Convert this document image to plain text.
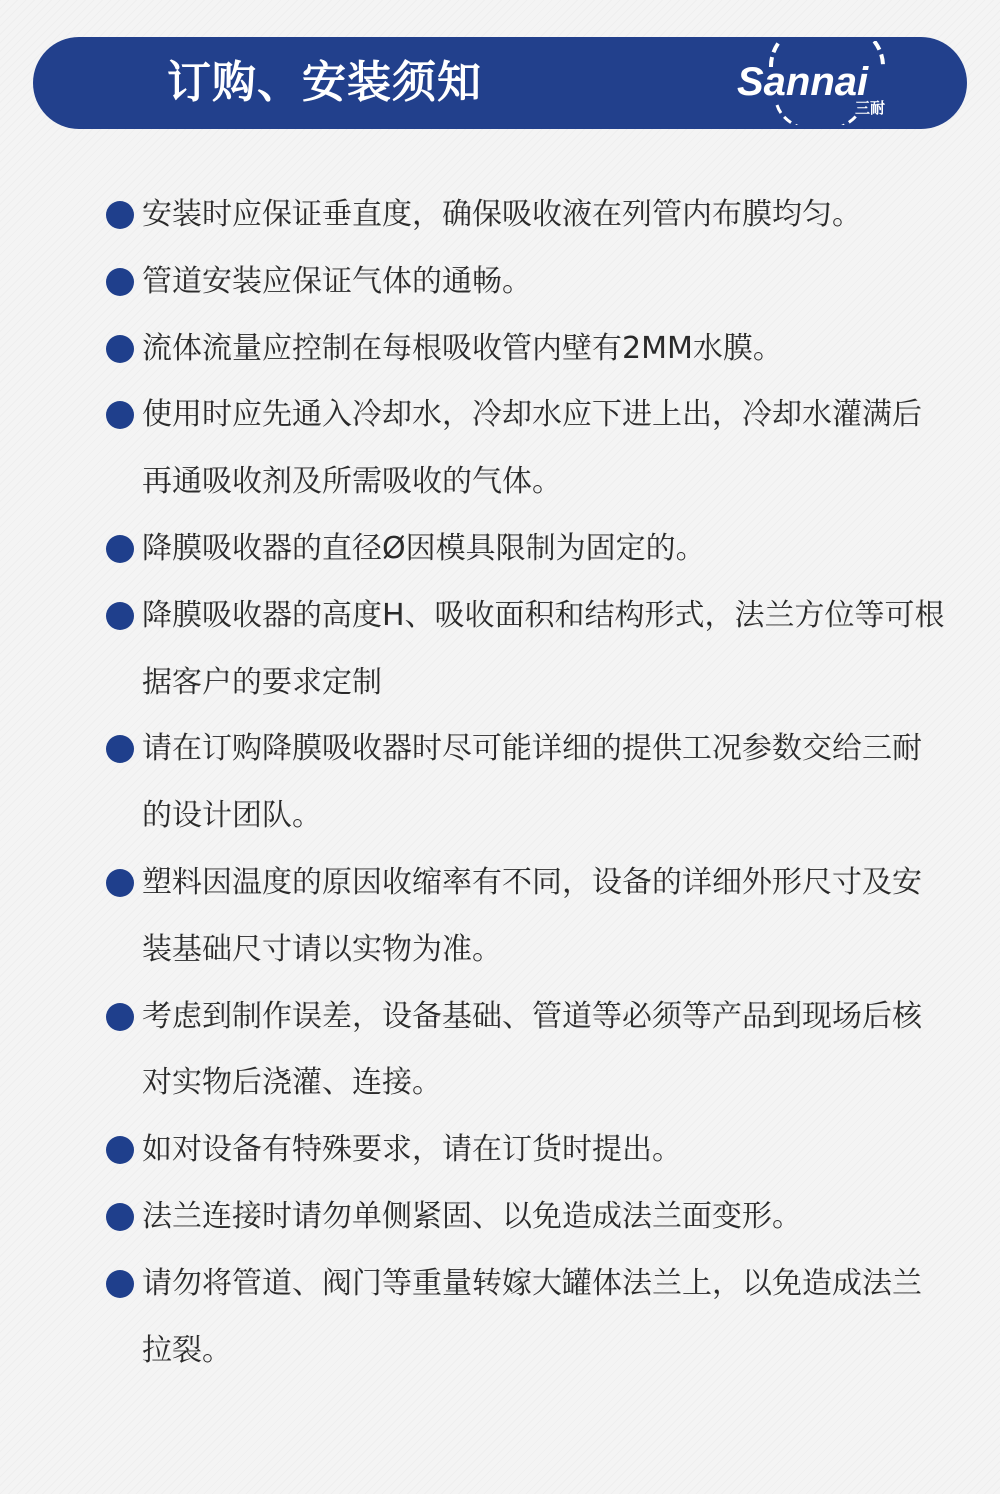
订购、安装须知	Sannai
三耐
安装时应保证垂直度，确保吸收液在列管内布膜均匀。
管道安装应保证气体的通畅。
流体流量应控制在每根吸收管内壁有2MM水膜。
使用时应先通入冷却水，冷却水应下进上出，冷却水灌满后再通吸收剂及所需吸收的气体。
降膜吸收器的直径Ø因模具限制为固定的。
降膜吸收器的高度H、吸收面积和结构形式，法兰方位等可根据客户的要求定制
请在订购降膜吸收器时尽可能详细的提供工况参数交给三耐的设计团队。
塑料因温度的原因收缩率有不同，设备的详细外形尺寸及安装基础尺寸请以实物为准。
考虑到制作误差，设备基础、管道等必须等产品到现场后核对实物后浇灌、连接。
如对设备有特殊要求，请在订货时提出。
法兰连接时请勿单侧紧固、以免造成法兰面变形。
请勿将管道、阀门等重量转嫁大罐体法兰上，以免造成法兰拉裂。
